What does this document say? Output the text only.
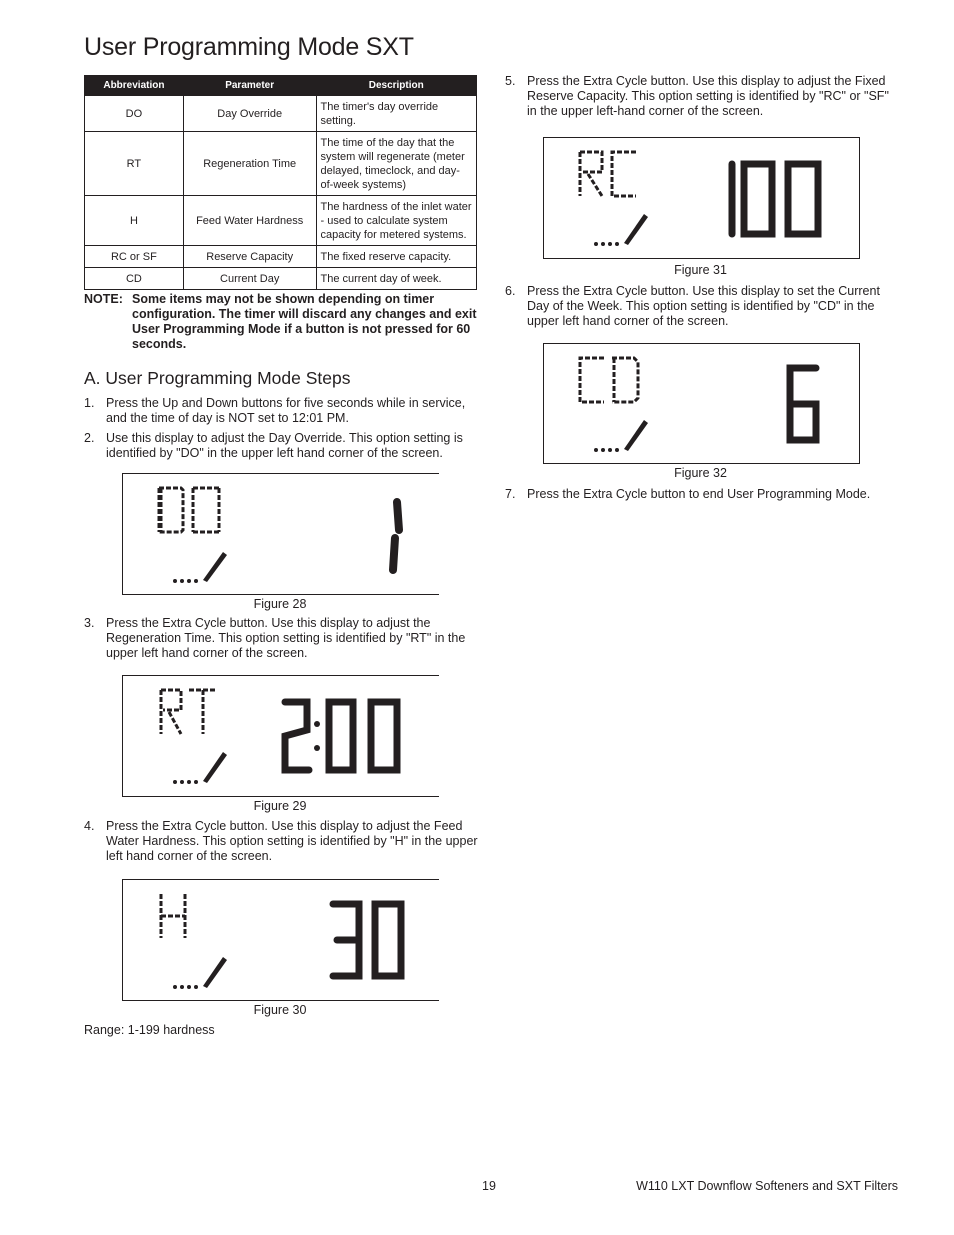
User Programming Mode SXT
Abbreviation	Parameter	Description
DO	Day Override	The timer's day override setting.
RT	Regeneration Time	The time of the day that the system will regenerate (meter delayed, timeclock, and day-of-week systems)
H	Feed Water Hardness	The hardness of the inlet water - used to calculate system capacity for metered systems.
RC or SF	Reserve Capacity	The fixed reserve capacity.
CD	Current Day	The current day of week.
NOTE: Some items may not be shown depending on timer configuration. The timer will discard any changes and exit User Programming Mode if a button is not pressed for 60 seconds.
A. User Programming Mode Steps
1. Press the Up and Down buttons for five seconds while in service, and the time of day is NOT set to 12:01 PM.
2. Use this display to adjust the Day Override. This option setting is identified by "DO" in the upper left hand corner of the screen.
Figure 28
3. Press the Extra Cycle button. Use this display to adjust the Regeneration Time. This option setting is identified by "RT" in the upper left hand corner of the screen.
Figure 29
4. Press the Extra Cycle button. Use this display to adjust the Feed Water Hardness. This option setting is identified by "H" in the upper left hand corner of the screen.
Figure 30
Range: 1-199 hardness
5. Press the Extra Cycle button. Use this display to adjust the Fixed Reserve Capacity. This option setting is identified by "RC" or "SF" in the upper left-hand corner of the screen.
Figure 31
6. Press the Extra Cycle button. Use this display to set the Current Day of the Week. This option setting is identified by "CD" in the upper left hand corner of the screen.
Figure 32
7. Press the Extra Cycle button to end User Programming Mode.
19	W110 LXT Downflow Softeners and SXT Filters
